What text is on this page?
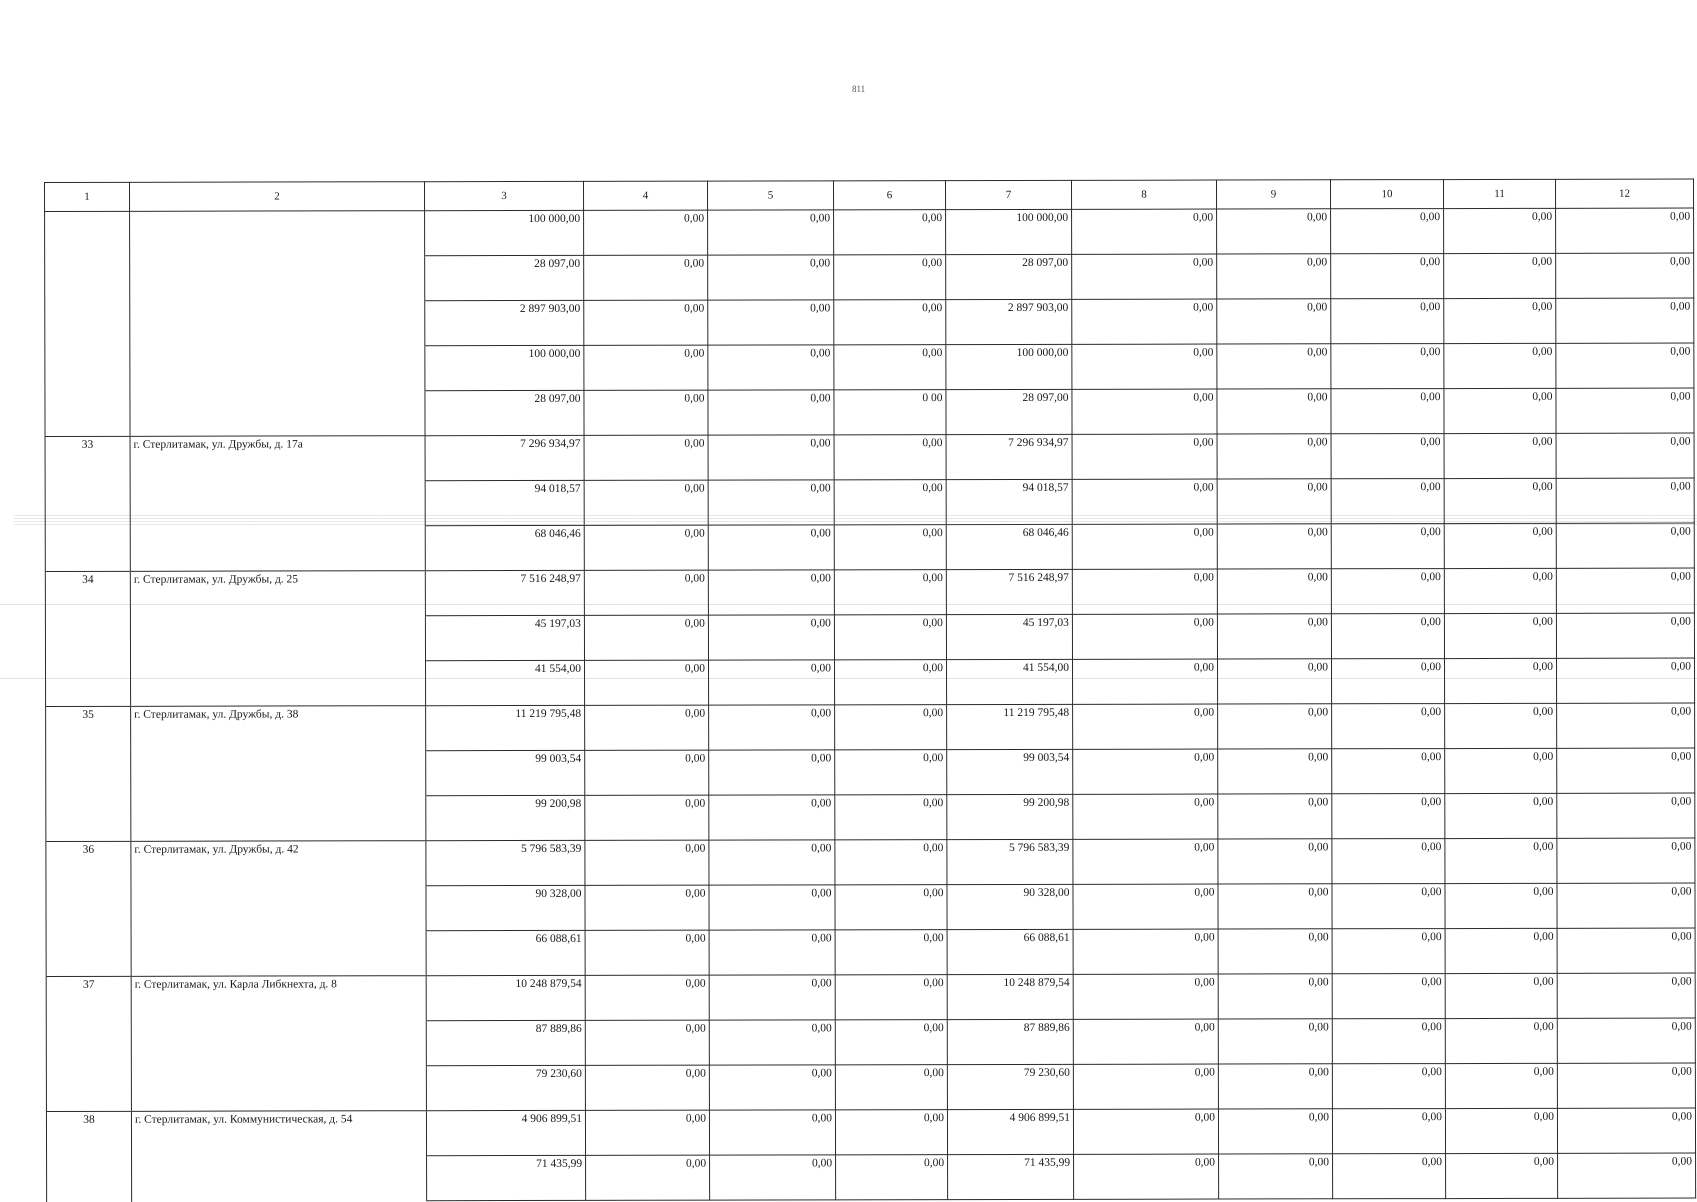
811
1	2	3	4	5	6	7	8	9	10	11	12
		100 000,00	0,00	0,00	0,00	100 000,00	0,00	0,00	0,00	0,00	0,00
		28 097,00	0,00	0,00	0,00	28 097,00	0,00	0,00	0,00	0,00	0,00
		2 897 903,00	0,00	0,00	0,00	2 897 903,00	0,00	0,00	0,00	0,00	0,00
		100 000,00	0,00	0,00	0,00	100 000,00	0,00	0,00	0,00	0,00	0,00
		28 097,00	0,00	0,00	0 00	28 097,00	0,00	0,00	0,00	0,00	0,00
33	г. Стерлитамак, ул. Дружбы, д. 17а	7 296 934,97	0,00	0,00	0,00	7 296 934,97	0,00	0,00	0,00	0,00	0,00
		94 018,57	0,00	0,00	0,00	94 018,57	0,00	0,00	0,00	0,00	0,00
		68 046,46	0,00	0,00	0,00	68 046,46	0,00	0,00	0,00	0,00	0,00
34	г. Стерлитамак, ул. Дружбы, д. 25	7 516 248,97	0,00	0,00	0,00	7 516 248,97	0,00	0,00	0,00	0,00	0,00
		45 197,03	0,00	0,00	0,00	45 197,03	0,00	0,00	0,00	0,00	0,00
		41 554,00	0,00	0,00	0,00	41 554,00	0,00	0,00	0,00	0,00	0,00
35	г. Стерлитамак, ул. Дружбы, д. 38	11 219 795,48	0,00	0,00	0,00	11 219 795,48	0,00	0,00	0,00	0,00	0,00
		99 003,54	0,00	0,00	0,00	99 003,54	0,00	0,00	0,00	0,00	0,00
		99 200,98	0,00	0,00	0,00	99 200,98	0,00	0,00	0,00	0,00	0,00
36	г. Стерлитамак, ул. Дружбы, д. 42	5 796 583,39	0,00	0,00	0,00	5 796 583,39	0,00	0,00	0,00	0,00	0,00
		90 328,00	0,00	0,00	0,00	90 328,00	0,00	0,00	0,00	0,00	0,00
		66 088,61	0,00	0,00	0,00	66 088,61	0,00	0,00	0,00	0,00	0,00
37	г. Стерлитамак, ул. Карла Либкнехта, д. 8	10 248 879,54	0,00	0,00	0,00	10 248 879,54	0,00	0,00	0,00	0,00	0,00
		87 889,86	0,00	0,00	0,00	87 889,86	0,00	0,00	0,00	0,00	0,00
		79 230,60	0,00	0,00	0,00	79 230,60	0,00	0,00	0,00	0,00	0,00
38	г. Стерлитамак, ул. Коммунистическая, д. 54	4 906 899,51	0,00	0,00	0,00	4 906 899,51	0,00	0,00	0,00	0,00	0,00
		71 435,99	0,00	0,00	0,00	71 435,99	0,00	0,00	0,00	0,00	0,00
